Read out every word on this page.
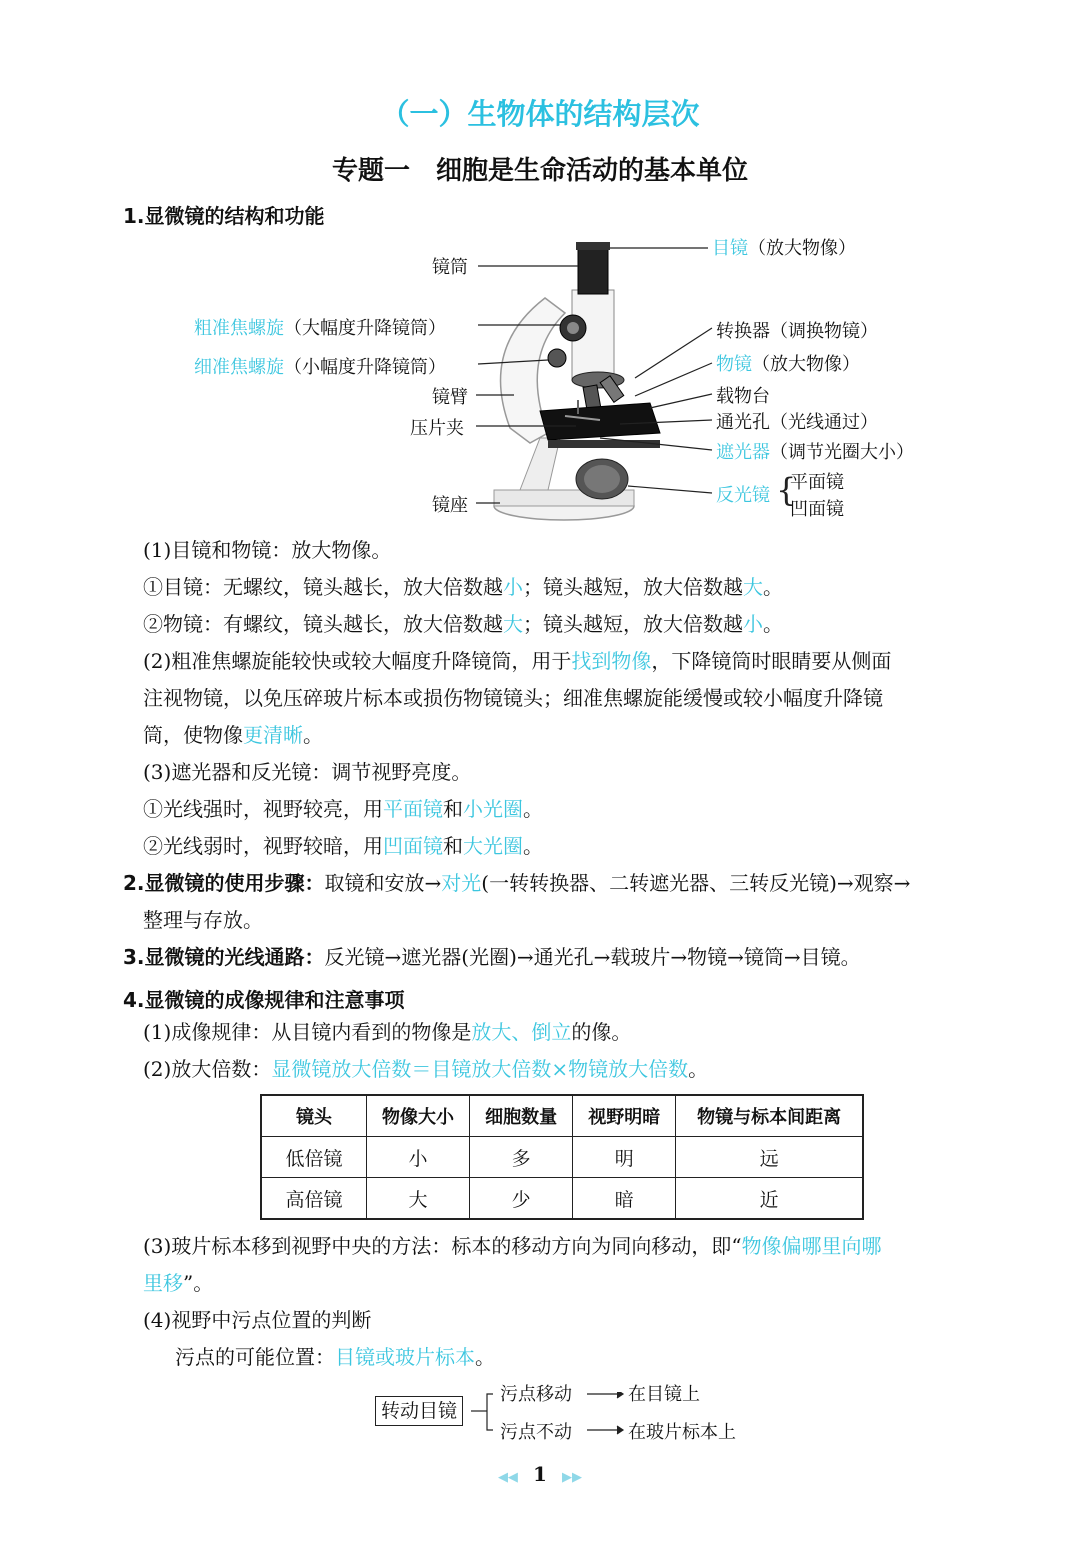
（一）生物体的结构层次
专题一　细胞是生命活动的基本单位
1.显微镜的结构和功能
目镜（放大物像）
镜筒
粗准焦螺旋（大幅度升降镜筒）
细准焦螺旋（小幅度升降镜筒）
镜臂
压片夹
镜座
转换器（调换物镜）
物镜（放大物像）
载物台
通光孔（光线通过）
遮光器（调节光圈大小）
反光镜 {
平面镜
凹面镜
(1)目镜和物镜：放大物像。
①目镜：无螺纹，镜头越长，放大倍数越小；镜头越短，放大倍数越大。
②物镜：有螺纹，镜头越长，放大倍数越大；镜头越短，放大倍数越小。
(2)粗准焦螺旋能较快或较大幅度升降镜筒，用于找到物像，下降镜筒时眼睛要从侧面
注视物镜，以免压碎玻片标本或损伤物镜镜头；细准焦螺旋能缓慢或较小幅度升降镜
筒，使物像更清晰。
(3)遮光器和反光镜：调节视野亮度。
①光线强时，视野较亮，用平面镜和小光圈。
②光线弱时，视野较暗，用凹面镜和大光圈。
2.显微镜的使用步骤：取镜和安放→对光(一转转换器、二转遮光器、三转反光镜)→观察→
整理与存放。
3.显微镜的光线通路：反光镜→遮光器(光圈)→通光孔→载玻片→物镜→镜筒→目镜。
4.显微镜的成像规律和注意事项
(1)成像规律：从目镜内看到的物像是放大、倒立的像。
(2)放大倍数：显微镜放大倍数＝目镜放大倍数×物镜放大倍数。
镜头	物像大小	细胞数量	视野明暗	物镜与标本间距离
低倍镜	小	多	明	远
高倍镜	大	少	暗	近
(3)玻片标本移到视野中央的方法：标本的移动方向为同向移动，即“物像偏哪里向哪
里移”。
(4)视野中污点位置的判断
污点的可能位置：目镜或玻片标本。
转动目镜
污点移动	在目镜上
污点不动	在玻片标本上
◀◀ 1 ▶▶
